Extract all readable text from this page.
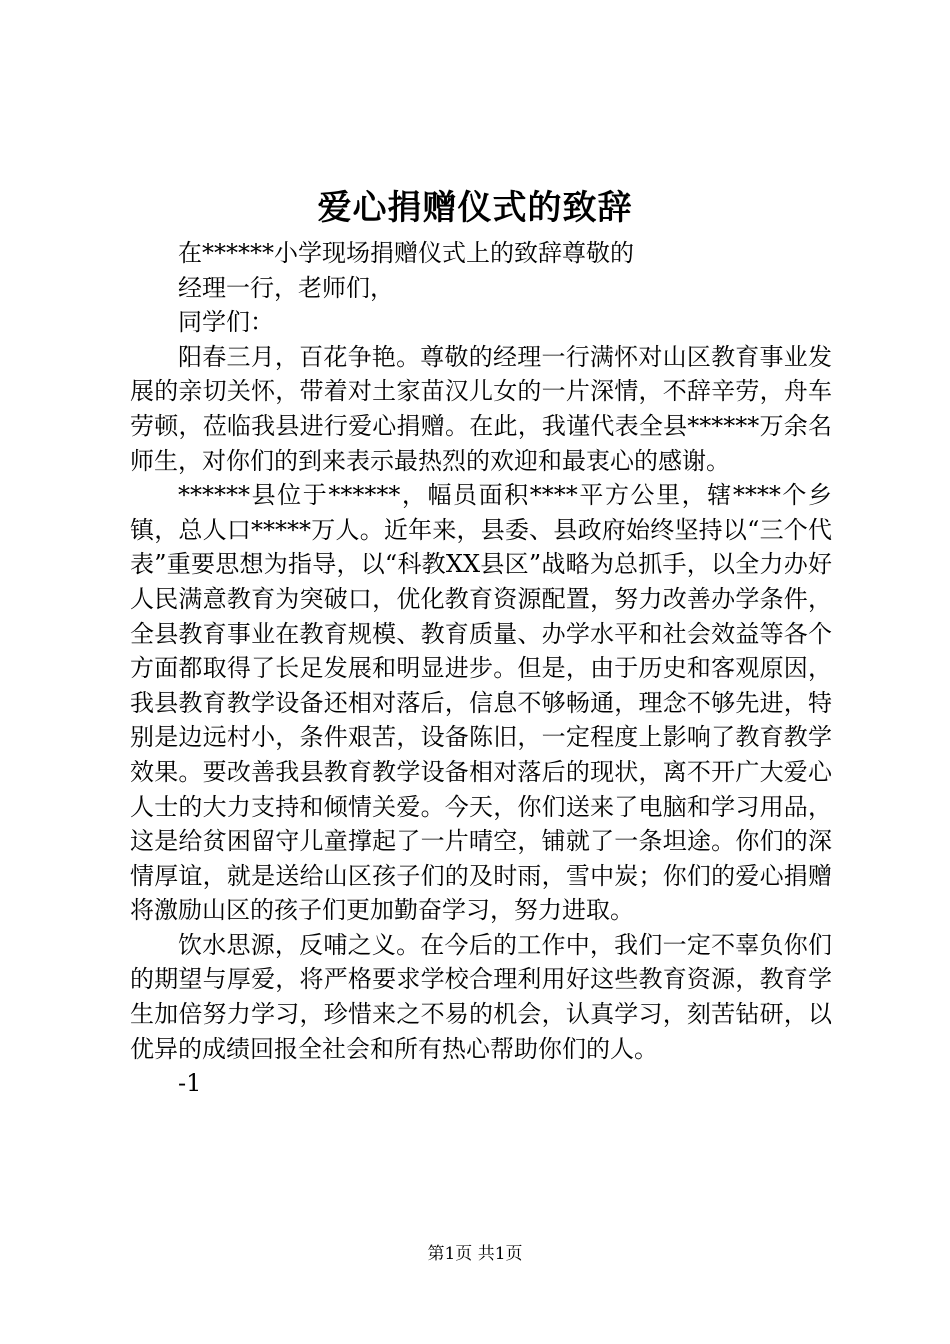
爱心捐赠仪式的致辞

在******小学现场捐赠仪式上的致辞尊敬的

经理一行，老师们，

同学们：

阳春三月，百花争艳。尊敬的经理一行满怀对山区教育事业发展的亲切关怀，带着对土家苗汉儿女的一片深情，不辞辛劳，舟车劳顿，莅临我县进行爱心捐赠。在此，我谨代表全县******万余名师生，对你们的到来表示最热烈的欢迎和最衷心的感谢。

******县位于******，幅员面积****平方公里，辖****个乡镇，总人口*****万人。近年来，县委、县政府始终坚持以“三个代表”重要思想为指导，以“科教XX县区”战略为总抓手，以全力办好人民满意教育为突破口，优化教育资源配置，努力改善办学条件，全县教育事业在教育规模、教育质量、办学水平和社会效益等各个方面都取得了长足发展和明显进步。但是，由于历史和客观原因，我县教育教学设备还相对落后，信息不够畅通，理念不够先进，特别是边远村小，条件艰苦，设备陈旧，一定程度上影响了教育教学效果。要改善我县教育教学设备相对落后的现状，离不开广大爱心人士的大力支持和倾情关爱。今天，你们送来了电脑和学习用品，这是给贫困留守儿童撑起了一片晴空，铺就了一条坦途。你们的深情厚谊，就是送给山区孩子们的及时雨，雪中炭；你们的爱心捐赠将激励山区的孩子们更加勤奋学习，努力进取。

饮水思源，反哺之义。在今后的工作中，我们一定不辜负你们的期望与厚爱，将严格要求学校合理利用好这些教育资源，教育学生加倍努力学习，珍惜来之不易的机会，认真学习，刻苦钻研，以优异的成绩回报全社会和所有热心帮助你们的人。

-1

第1页 共1页
